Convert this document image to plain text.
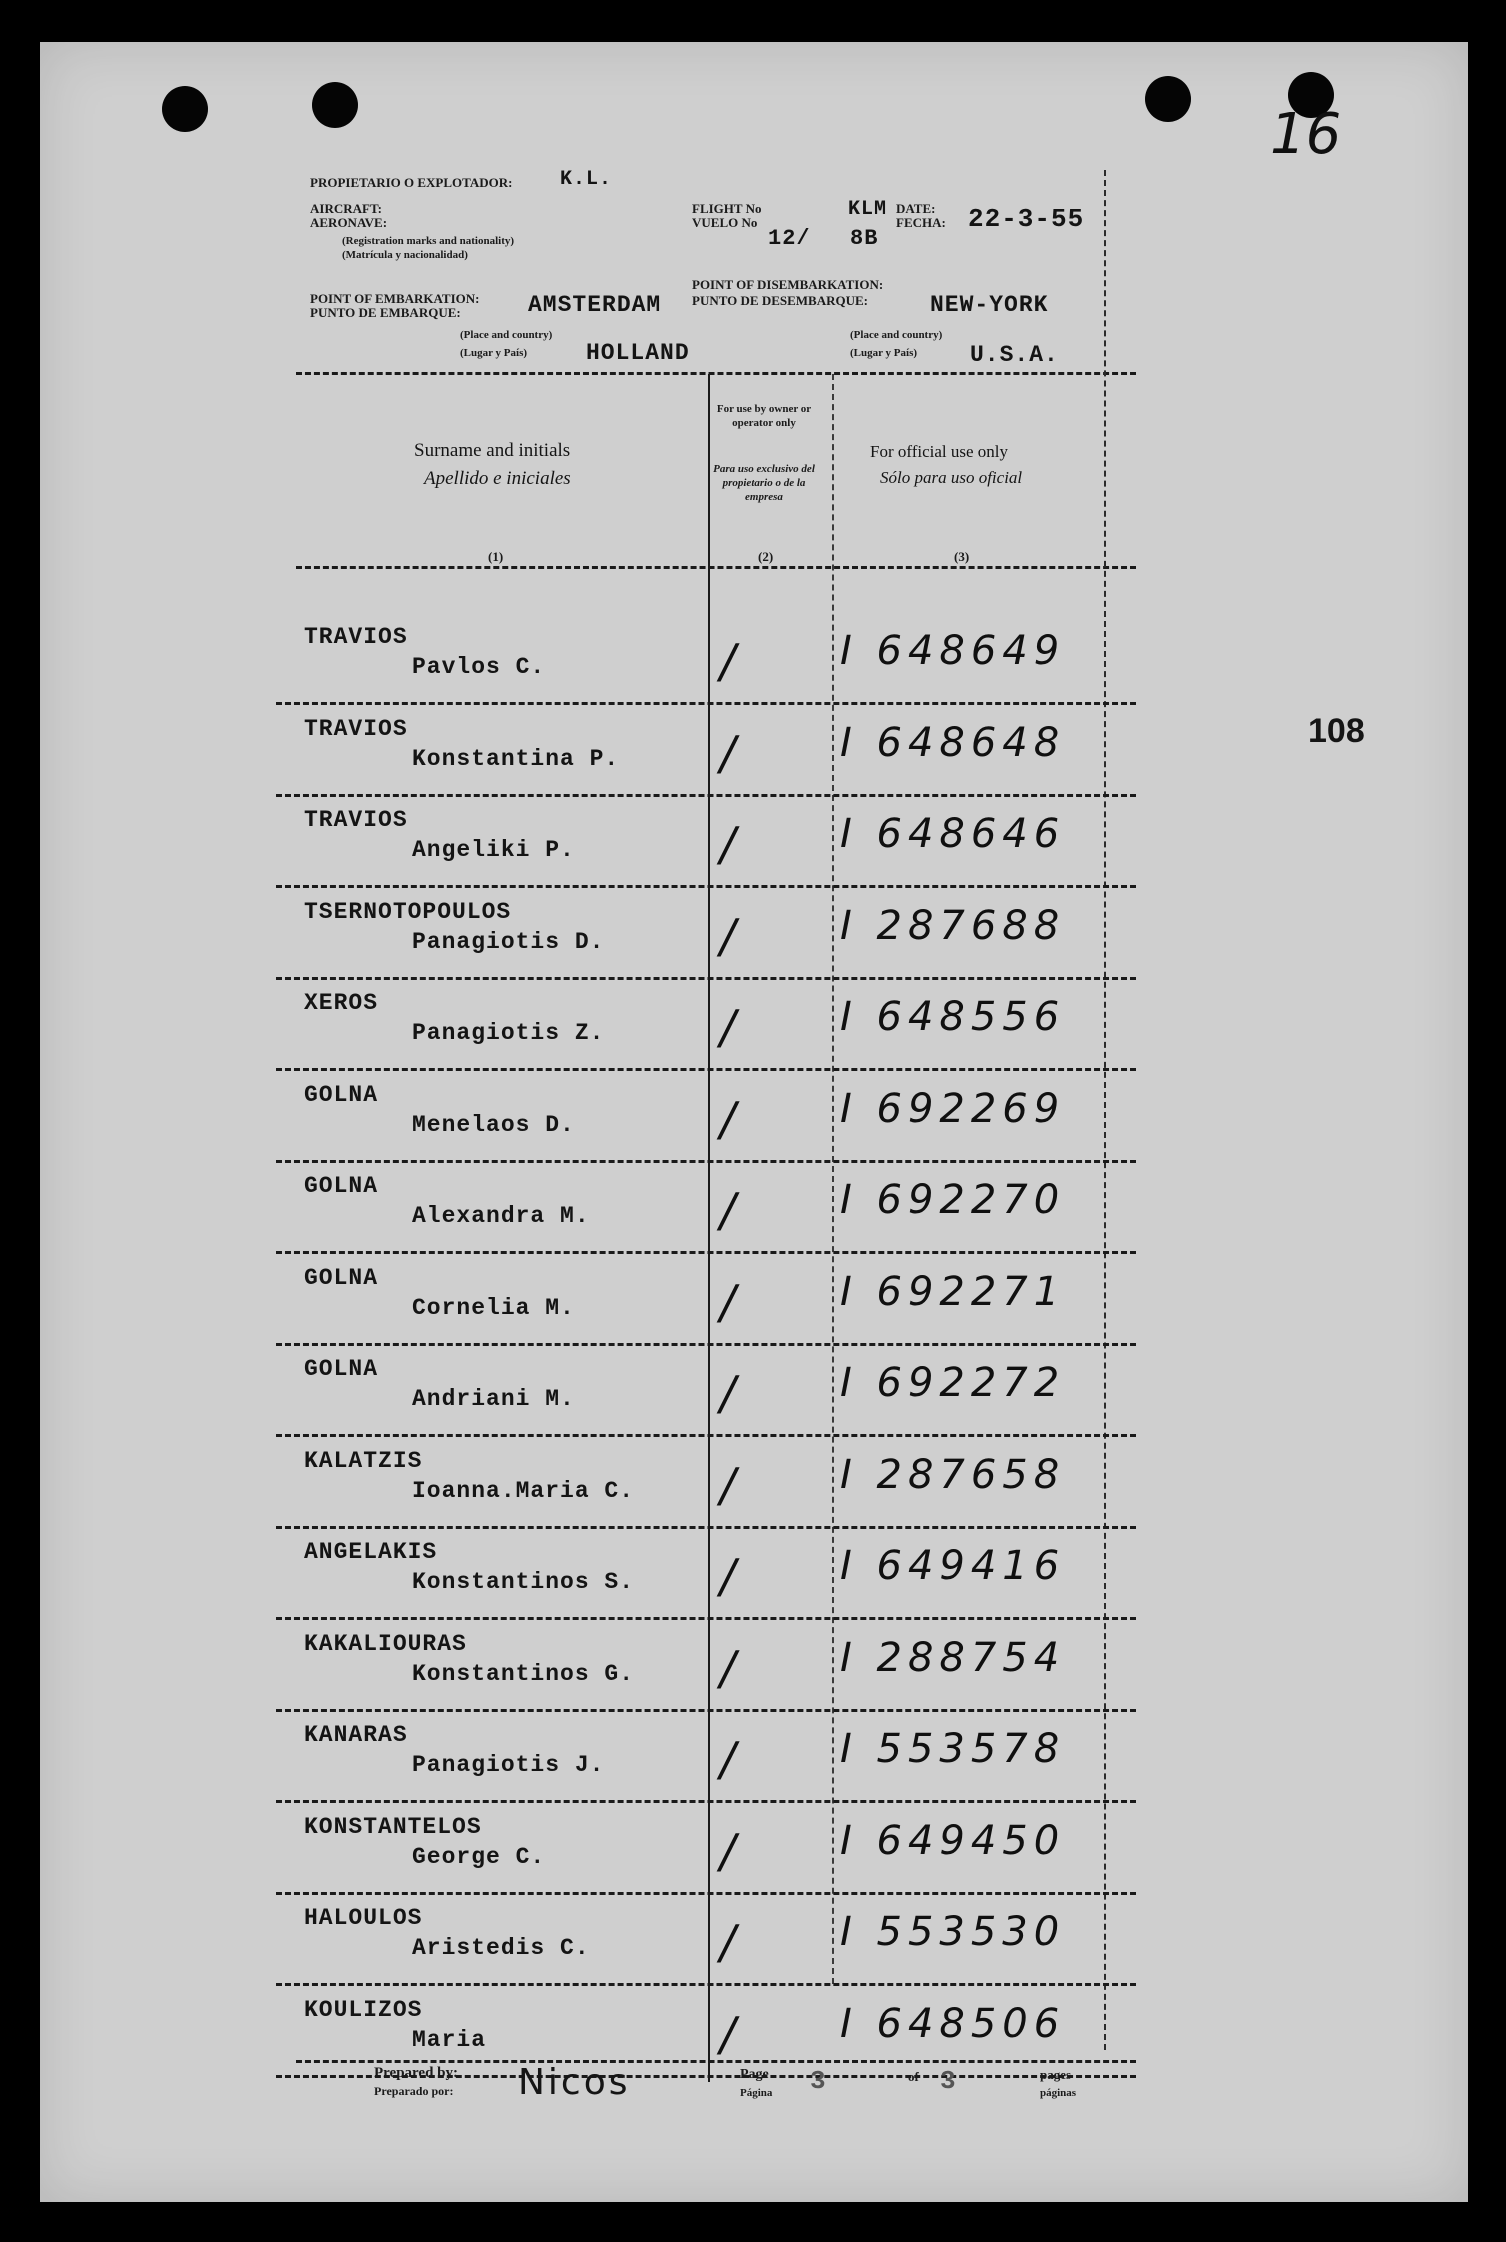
16
108
PROPIETARIO O EXPLOTADOR: K.L.
AIRCRAFT:
AERONAVE:
(Registration marks and nationality)
(Matrícula y nacionalidad)
FLIGHT No
VUELO No
12/
KLM
8B
DATE:
FECHA: 22-3-55
POINT OF EMBARKATION:
PUNTO DE EMBARQUE:	AMSTERDAM
(Place and country)
(Lugar y País)	HOLLAND
POINT OF DISEMBARKATION:
PUNTO DE DESEMBARQUE:	NEW-YORK
(Place and country)
(Lugar y País) U.S.A.
Surname and initials
Apellido e iniciales
(1)
For use by owner or operator only
Para uso exclusivo del propietario o de la empresa
(2)
For official use only
Sólo para uso oficial
(3)
TRAVIOS
Pavlos C.	/ I 648649
TRAVIOS
Konstantina P. / I 648648
TRAVIOS
Angeliki P.	/ I 648646
TSERNOTOPOULOS
Panagiotis D.	/ I 287688
XEROS
Panagiotis Z.	/ I 648556
GOLNA
Menelaos D.	/ I 692269
GOLNA
Alexandra M.	/ I 692270
GOLNA
Cornelia M.	/ I 692271
GOLNA
Andriani M.	/ I 692272
KALATZIS
Ioanna.Maria C. / I 287658
ANGELAKIS
Konstantinos S. / I 649416
KAKALIOURAS
Konstantinos G. / I 288754
KANARAS
Panagiotis J.	/ I 553578
KONSTANTELOS
George C.	/ I 649450
HALOULOS
Aristedis C.	/ I 553530
KOULIZOS
Maria	/ I 648506
Prepared by:
Preparado por: Nicos	Page
Página 3	of 3	pages
páginas
